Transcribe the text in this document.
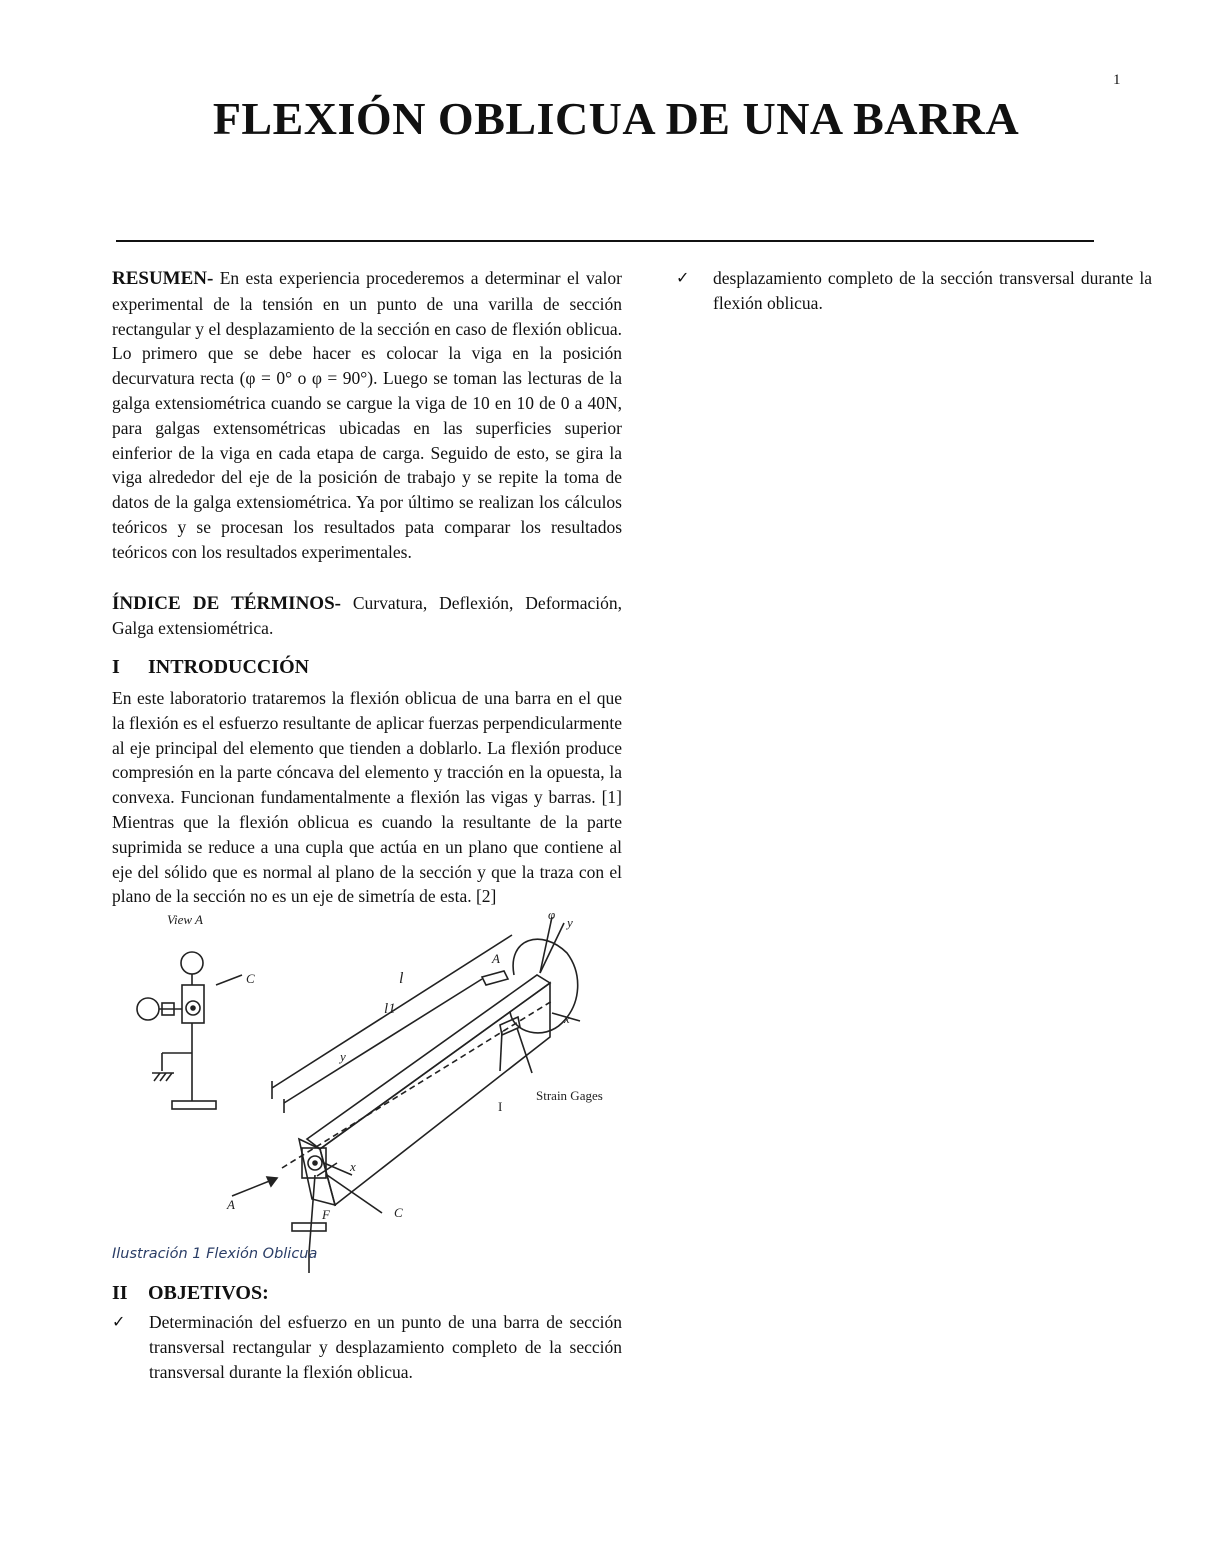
1
FLEXIÓN OBLICUA DE UNA BARRA

RESUMEN- En esta experiencia procederemos a determinar el valor experimental de la tensión en un punto de una varilla de sección rectangular y el desplazamiento de la sección en caso de flexión oblicua. Lo primero que se debe hacer es colocar la viga en la posición decurvatura recta (φ = 0° o φ = 90°). Luego se toman las lecturas de la galga extensiométrica cuando se cargue la viga de 10 en 10 de 0 a 40N, para galgas extensométricas ubicadas en las superficies superior einferior de la viga en cada etapa de carga. Seguido de esto, se gira la viga alrededor del eje de la posición de trabajo y se repite la toma de datos de la galga extensiométrica. Ya por último se realizan los cálculos teóricos y se procesan los resultados pata comparar los resultados teóricos con los resultados experimentales.

ÍNDICE DE TÉRMINOS- Curvatura, Deflexión, Deformación, Galga extensiométrica.

I	INTRODUCCIÓN

En este laboratorio trataremos la flexión oblicua de una barra en el que la flexión es el esfuerzo resultante de aplicar fuerzas perpendicularmente al eje principal del elemento que tienden a doblarlo. La flexión produce compresión en la parte cóncava del elemento y tracción en la opuesta, la convexa. Funcionan fundamentalmente a flexión las vigas y barras. [1] Mientras que la flexión oblicua es cuando la resultante de la parte suprimida se reduce a una cupla que actúa en un plano que contiene al eje del sólido que es normal al plano de la sección y que la traza con el plano de la sección no es un eje de simetría de esta. [2]

View A
C	l
l1
A
φ
y
x
y
I
Strain Gages
x
A
C
F
Ilustración 1 Flexión Oblicua
II	OBJETIVOS:
✓ Determinación del esfuerzo en un punto de una barra de sección transversal rectangular y desplazamiento completo de la sección transversal durante la flexión oblicua.
✓ desplazamiento completo de la sección transversal durante la flexión oblicua.
